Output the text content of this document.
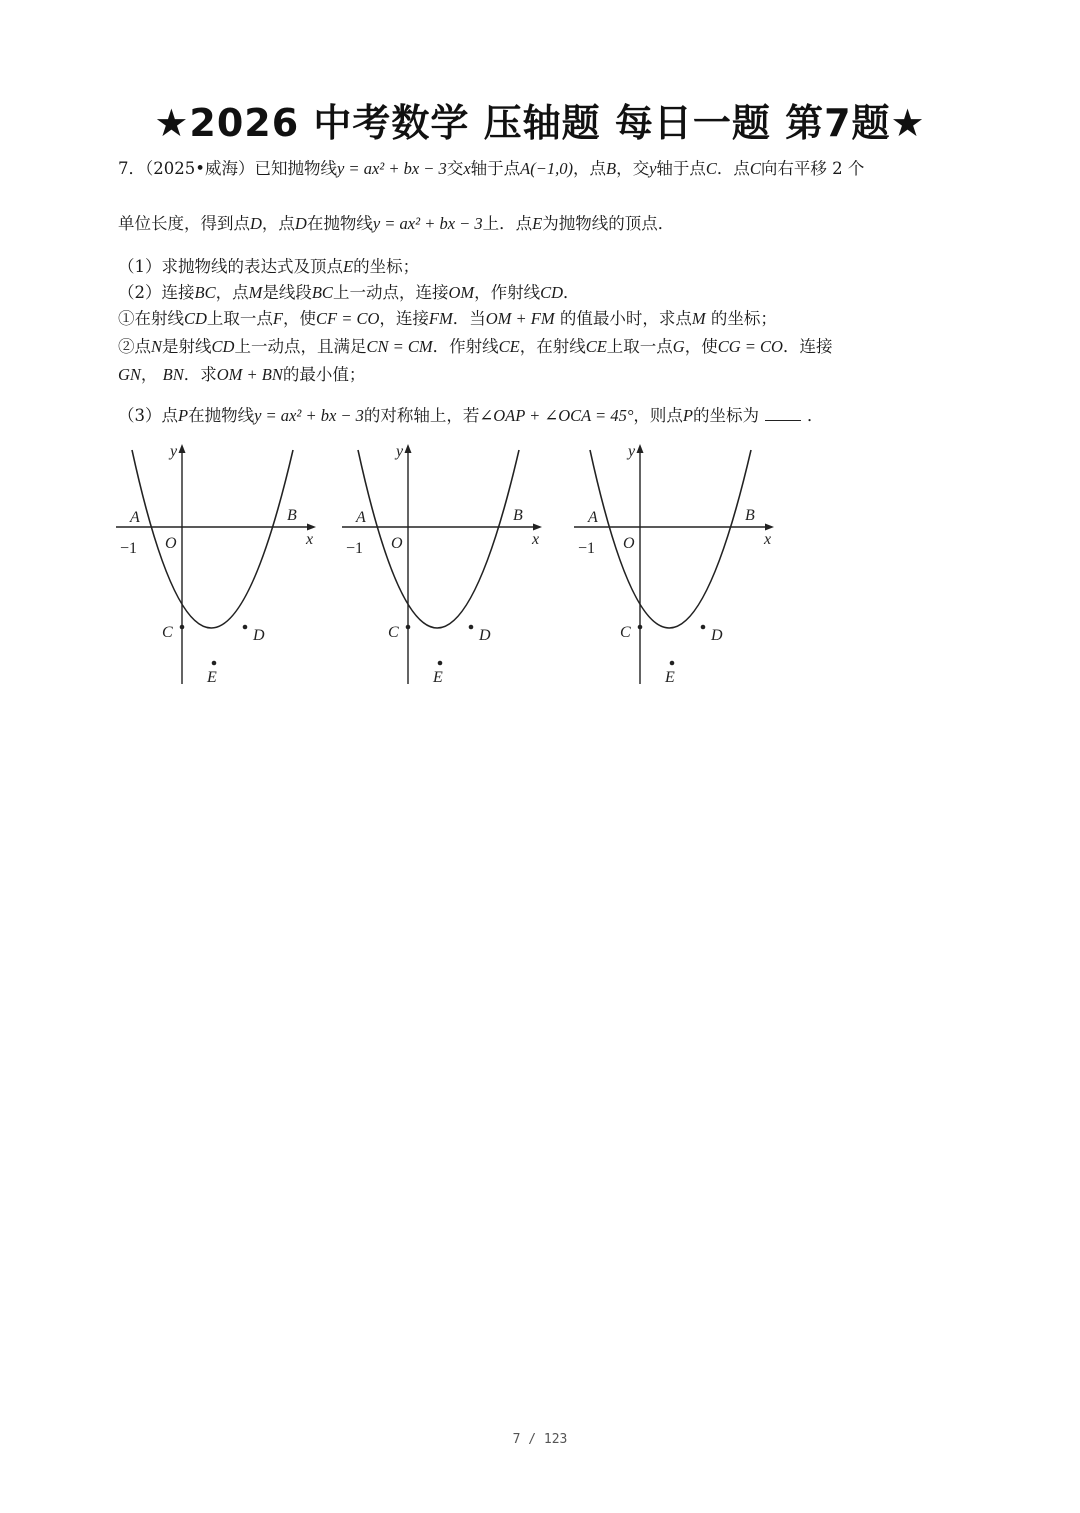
★2026 中考数学 压轴题 每日一题 第7题★
7．（2025•威海）已知抛物线y = ax² + bx − 3交x轴于点A(−1,0)，点B，交y轴于点C．点C向右平移 2 个
单位长度，得到点D，点D在抛物线y = ax² + bx − 3上．点E为抛物线的顶点．
（1）求抛物线的表达式及顶点E的坐标；
（2）连接BC，点M是线段BC上一动点，连接OM，作射线CD．
①在射线CD上取一点F，使CF = CO，连接FM．当OM + FM 的值最小时，求点M 的坐标；
②点N是射线CD上一动点，且满足CN = CM．作射线CE，在射线CE上取一点G，使CG = CO．连接
GN， BN．求OM + BN的最小值；
（3）点P在抛物线y = ax² + bx − 3的对称轴上，若∠OAP + ∠OCA = 45°，则点P的坐标为	．
y
x
A	B
O
−1
C	D
E
y
x
A	B
O
−1
C	D
E
y
x
A	B
O
−1
C	D
E
7 / 123
